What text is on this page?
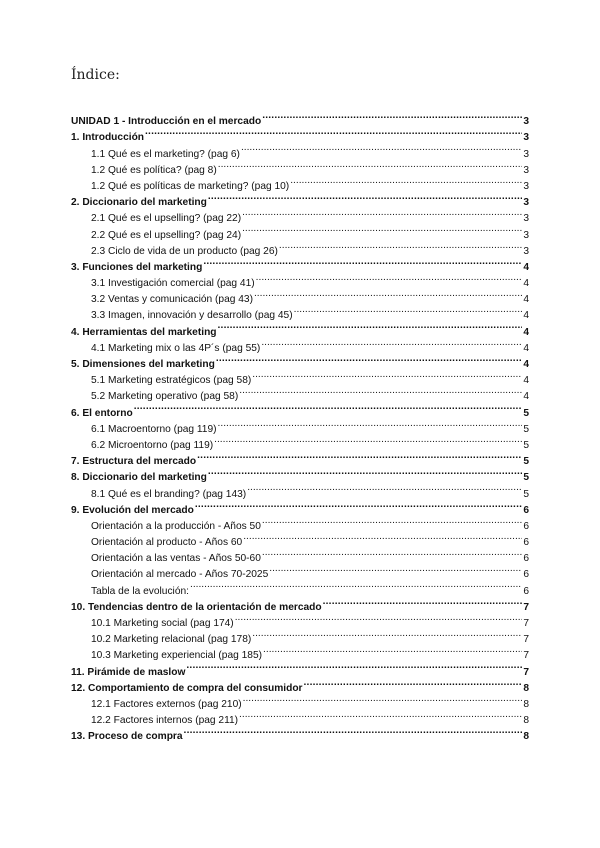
Índice:
UNIDAD 1 - Introducción en el mercado .....	3
1. Introducción .....	3
1.1 Qué es el marketing? (pag 6) .....	3
1.2 Qué es política? (pag 8) .....	3
1.2 Qué es políticas de marketing? (pag 10) .....	3
2. Diccionario del marketing .....	3
2.1 Qué es el upselling? (pag 22) .....	3
2.2 Qué es el upselling? (pag 24) .....	3
2.3 Ciclo de vida de un producto (pag 26) .....	3
3. Funciones del marketing .....	4
3.1 Investigación comercial (pag 41) .....	4
3.2 Ventas y comunicación (pag 43) .....	4
3.3 Imagen, innovación y desarrollo (pag 45) .....	4
4. Herramientas del marketing .....	4
4.1 Marketing mix o las 4P´s (pag 55) .....	4
5. Dimensiones del marketing .....	4
5.1 Marketing estratégicos (pag 58) .....	4
5.2 Marketing operativo (pag 58) .....	4
6. El entorno .....	5
6.1 Macroentorno (pag 119) .....	5
6.2 Microentorno (pag 119) .....	5
7. Estructura del mercado .....	5
8. Diccionario del marketing .....	5
8.1 Qué es el branding? (pag 143) .....	5
9. Evolución del mercado .....	6
Orientación a la producción - Años 50 .....	6
Orientación al producto - Años 60 .....	6
Orientación a las ventas - Años 50-60 .....	6
Orientación al mercado - Años 70-2025 .....	6
Tabla de la evolución: .....	6
10. Tendencias dentro de la orientación de mercado .....	7
10.1 Marketing social (pag 174) .....	7
10.2 Marketing relacional (pag 178) .....	7
10.3 Marketing experiencial (pag 185) .....	7
11. Pirámide de maslow .....	7
12. Comportamiento de compra del consumidor .....	8
12.1 Factores externos (pag 210) .....	8
12.2 Factores internos (pag 211) .....	8
13. Proceso de compra .....	8
